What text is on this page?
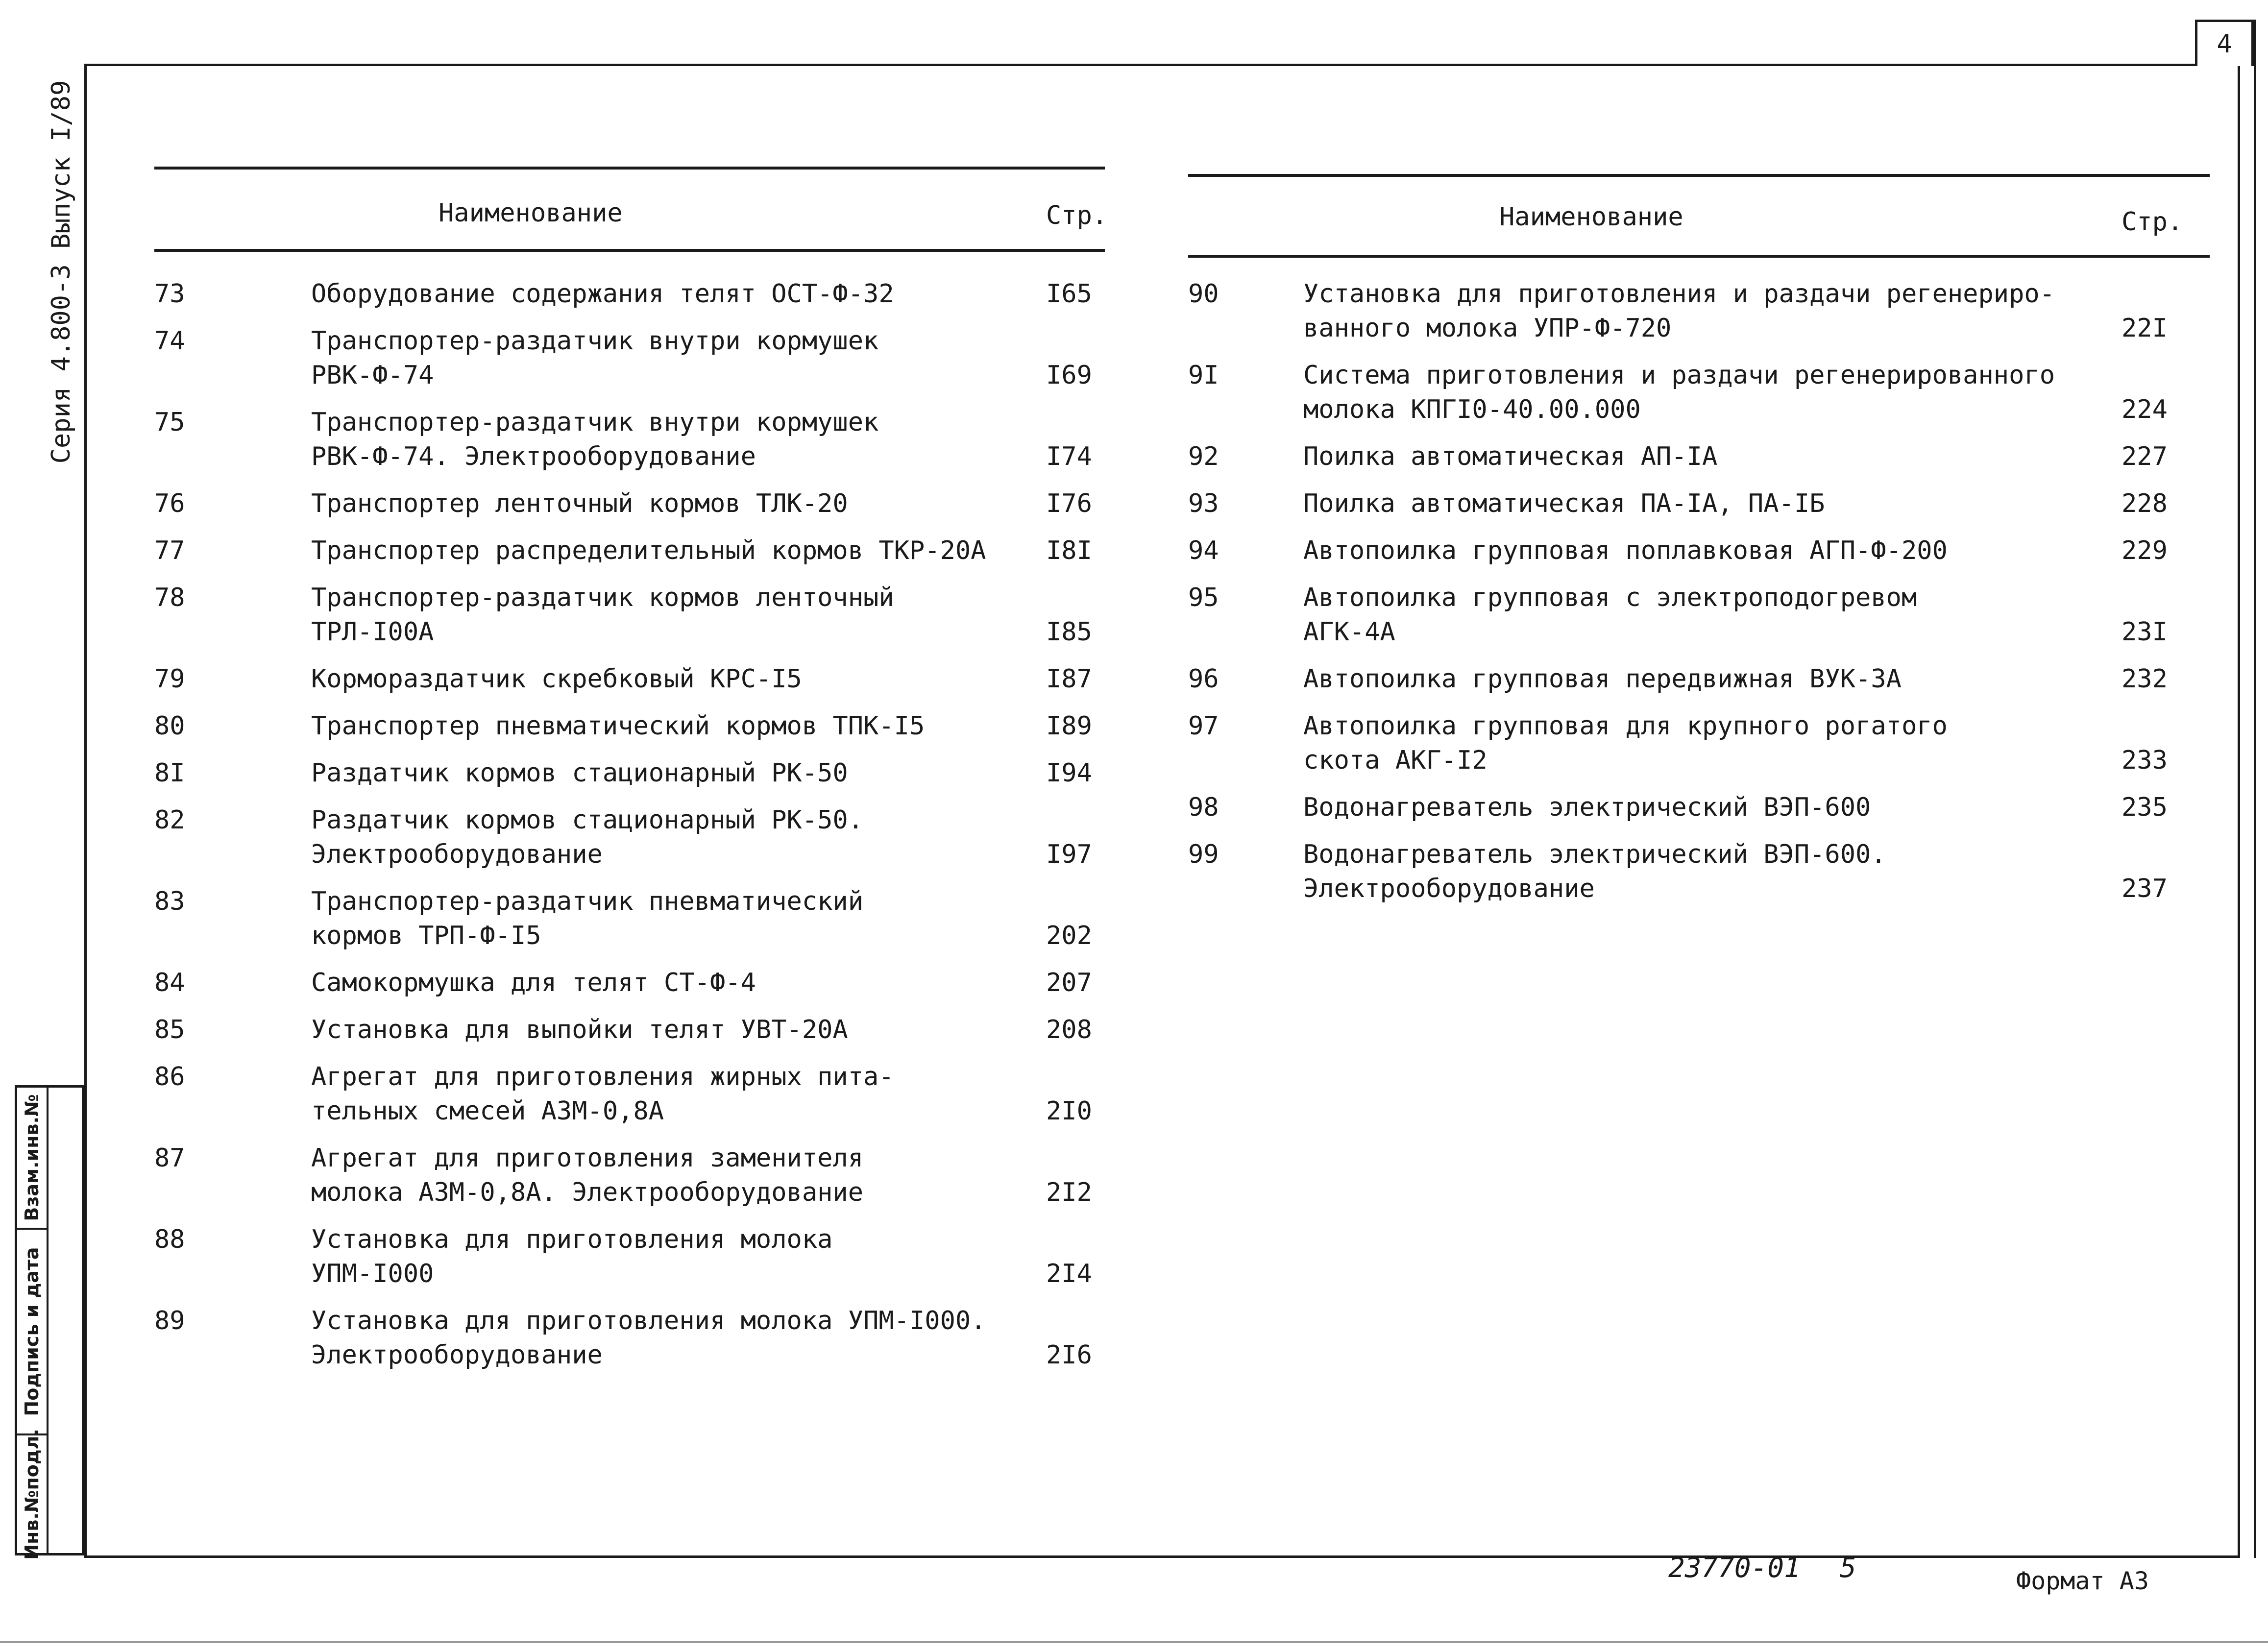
4
Серия 4.800-3 Выпуск I/89
Взам.инв.№
Подпись и дата
Инв.№подл.
Наименование	Стр.
73	Оборудование содержания телят ОСТ-Ф-32	I65
74	Транспортер-раздатчик внутри кормушек
РВК-Ф-74	I69
75	Транспортер-раздатчик внутри кормушек
РВК-Ф-74. Электрооборудование	I74
76	Транспортер ленточный кормов ТЛК-20	I76
77	Транспортер распределительный кормов ТКР-20А I8I
78	Транспортер-раздатчик кормов ленточный
ТРЛ-I00А	I85
79	Кормораздатчик скребковый КРС-I5	I87
80	Транспортер пневматический кормов ТПК-I5	I89
8I	Раздатчик кормов стационарный РК-50	I94
82	Раздатчик кормов стационарный РК-50.
Электрооборудование	I97
83	Транспортер-раздатчик пневматический
кормов ТРП-Ф-I5	202
84	Самокормушка для телят СТ-Ф-4	207
85	Установка для выпойки телят УВТ-20А	208
86	Агрегат для приготовления жирных пита-
тельных смесей АЗМ-0,8А	2I0
87	Агрегат для приготовления заменителя
молока АЗМ-0,8А. Электрооборудование	2I2
88	Установка для приготовления молока
УПМ-I000	2I4
89	Установка для приготовления молока УПМ-I000.
Электрооборудование	2I6
Наименование	Стр.
90	Установка для приготовления и раздачи регенериро-
ванного молока УПР-Ф-720	22I
9I	Система приготовления и раздачи регенерированного
молока КПГI0-40.00.000	224
92	Поилка автоматическая АП-IА	227
93	Поилка автоматическая ПА-IА, ПА-IБ	228
94	Автопоилка групповая поплавковая АГП-Ф-200	229
95	Автопоилка групповая с электроподогревом
АГК-4А	23I
96	Автопоилка групповая передвижная ВУК-3А	232
97	Автопоилка групповая для крупного рогатого
скота АКГ-I2	233
98	Водонагреватель электрический ВЭП-600	235
99	Водонагреватель электрический ВЭП-600.
Электрооборудование	237
23770-01 5	Формат А3
